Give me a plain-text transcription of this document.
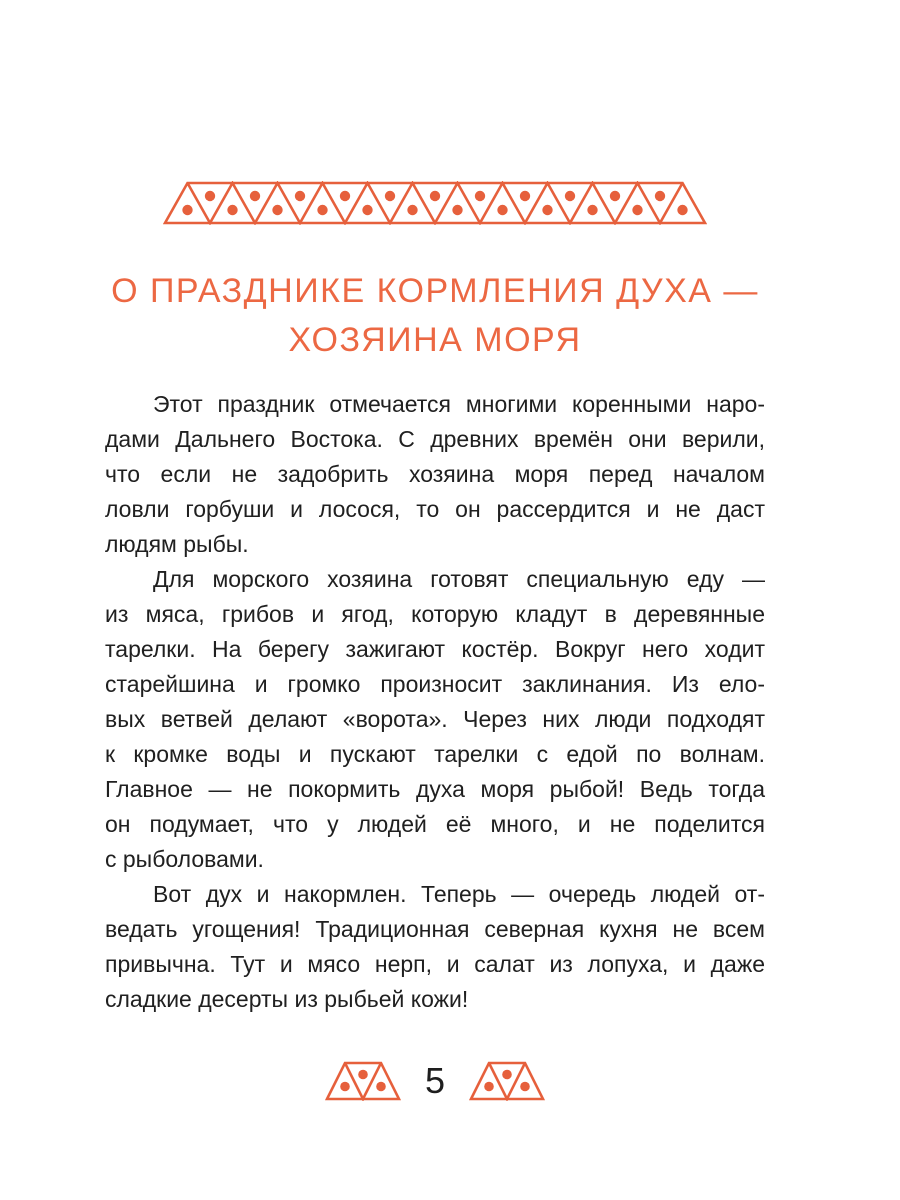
О ПРАЗДНИКЕ КОРМЛЕНИЯ ДУХА —
ХОЗЯИНА МОРЯ
Этот праздник отмечается многими коренными наро-
дами Дальнего Востока. С древних времён они верили,
что если не задобрить хозяина моря перед началом
ловли горбуши и лосося, то он рассердится и не даст
людям рыбы.
Для морского хозяина готовят специальную еду —
из мяса, грибов и ягод, которую кладут в деревянные
тарелки. На берегу зажигают костёр. Вокруг него ходит
старейшина и громко произносит заклинания. Из ело-
вых ветвей делают «ворота». Через них люди подходят
к кромке воды и пускают тарелки с едой по волнам.
Главное — не покормить духа моря рыбой! Ведь тогда
он подумает, что у людей её много, и не поделится
с рыболовами.
Вот дух и накормлен. Теперь — очередь людей от-
ведать угощения! Традиционная северная кухня не всем
привычна. Тут и мясо нерп, и салат из лопуха, и даже
сладкие десерты из рыбьей кожи!
5
